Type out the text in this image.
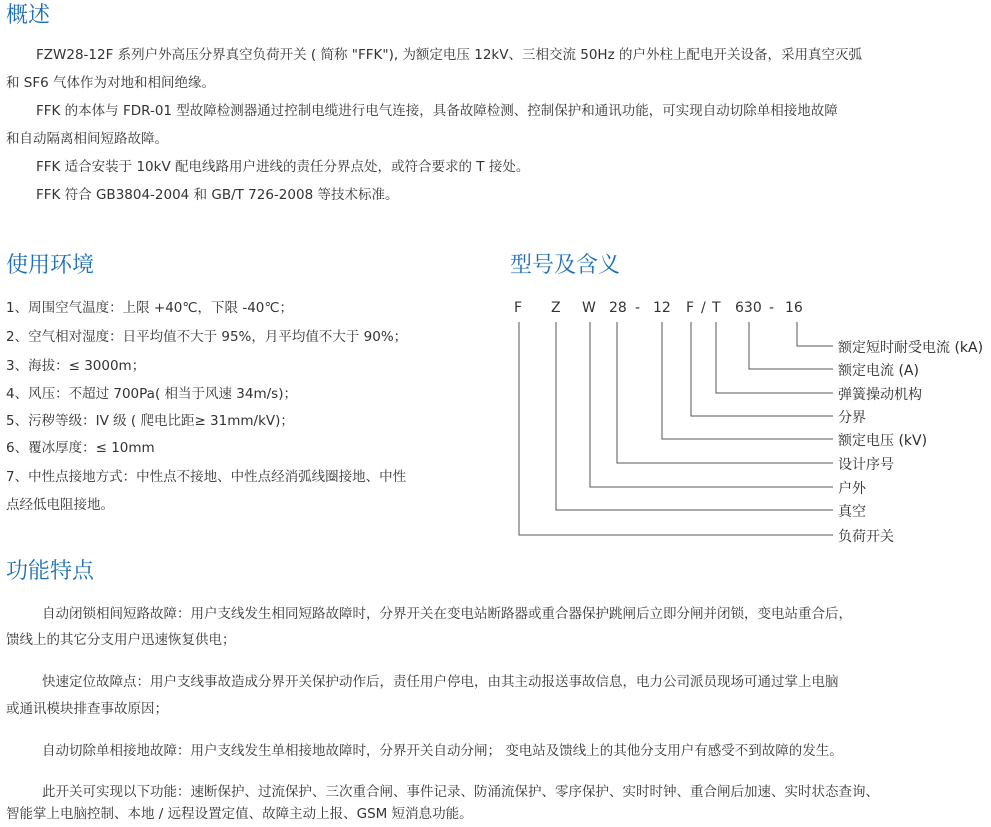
概述
FZW28-12F 系列户外高压分界真空负荷开关 ( 简称 "FFK"), 为额定电压 12kV、三相交流 50Hz 的户外柱上配电开关设备，采用真空灭弧
和 SF6 气体作为对地和相间绝缘。
FFK 的本体与 FDR-01 型故障检测器通过控制电缆进行电气连接，具备故障检测、控制保护和通讯功能，可实现自动切除单相接地故障
和自动隔离相间短路故障。
FFK 适合安装于 10kV 配电线路用户进线的责任分界点处，或符合要求的 T 接处。
FFK 符合 GB3804-2004 和 GB/T 726-2008 等技术标准。
使用环境
1、周围空气温度：上限 +40℃，下限 -40℃；
2、空气相对湿度：日平均值不大于 95%，月平均值不大于 90%；
3、海拔：≤ 3000m；
4、风压：不超过 700Pa( 相当于风速 34m/s)；
5、污秽等级：IV 级 ( 爬电比距≥ 31mm/kV)；
6、覆冰厚度：≤ 10mm
7、中性点接地方式：中性点不接地、中性点经消弧线圈接地、中性
点经低电阻接地。
型号及含义
F Z W 28 - 12 F / T 630 - 16
额定短时耐受电流 (kA)
额定电流 (A)
弹簧操动机构
分界
额定电压 (kV)
设计序号
户外
真空
负荷开关
功能特点
自动闭锁相间短路故障：用户支线发生相同短路故障时，分界开关在变电站断路器或重合器保护跳闸后立即分闸并闭锁，变电站重合后，
馈线上的其它分支用户迅速恢复供电；
快速定位故障点：用户支线事故造成分界开关保护动作后，责任用户停电，由其主动报送事故信息，电力公司派员现场可通过掌上电脑
或通讯模块排查事故原因；
自动切除单相接地故障：用户支线发生单相接地故障时，分界开关自动分闸； 变电站及馈线上的其他分支用户有感受不到故障的发生。
此开关可实现以下功能：速断保护、过流保护、三次重合闸、事件记录、防涌流保护、零序保护、实时时钟、重合闸后加速、实时状态查询、
智能掌上电脑控制、本地 / 远程设置定值、故障主动上报、GSM 短消息功能。
